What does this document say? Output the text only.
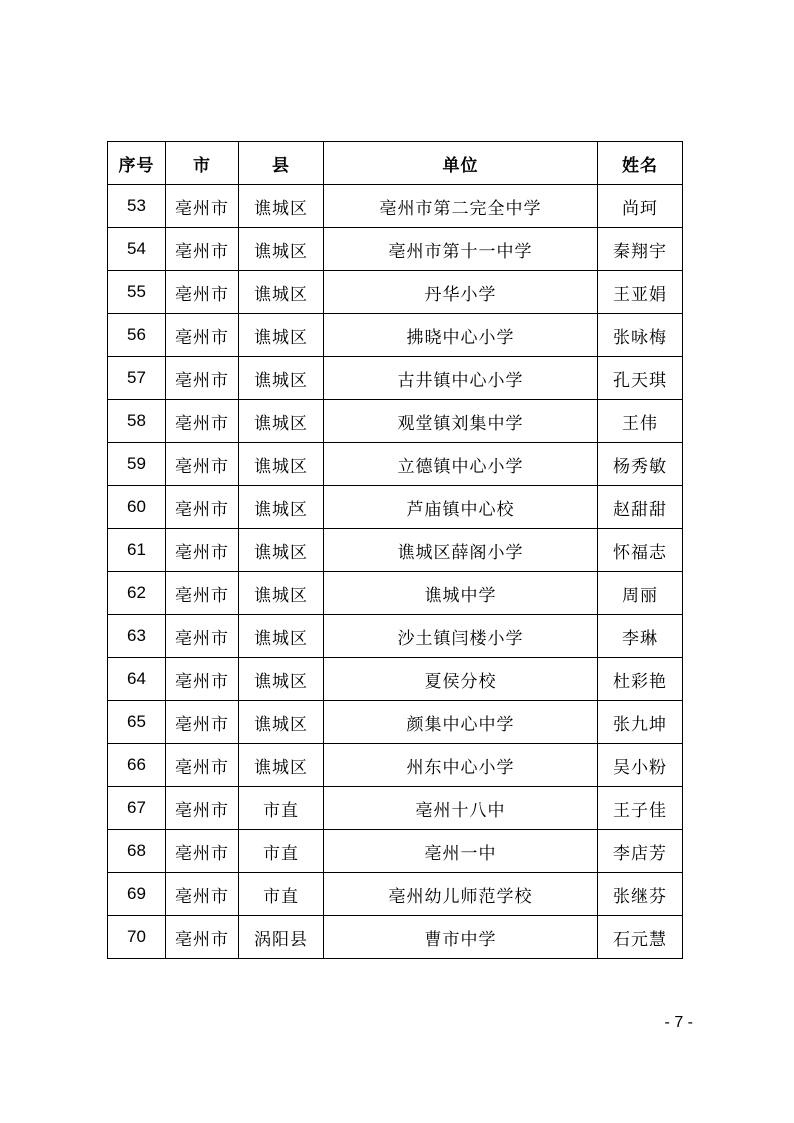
序号	市	县	单位	姓名
53	亳州市	谯城区	亳州市第二完全中学	尚珂
54	亳州市	谯城区	亳州市第十一中学	秦翔宇
55	亳州市	谯城区	丹华小学	王亚娟
56	亳州市	谯城区	拂晓中心小学	张咏梅
57	亳州市	谯城区	古井镇中心小学	孔天琪
58	亳州市	谯城区	观堂镇刘集中学	王伟
59	亳州市	谯城区	立德镇中心小学	杨秀敏
60	亳州市	谯城区	芦庙镇中心校	赵甜甜
61	亳州市	谯城区	谯城区薛阁小学	怀福志
62	亳州市	谯城区	谯城中学	周丽
63	亳州市	谯城区	沙土镇闫楼小学	李琳
64	亳州市	谯城区	夏侯分校	杜彩艳
65	亳州市	谯城区	颜集中心中学	张九坤
66	亳州市	谯城区	州东中心小学	吴小粉
67	亳州市	市直	亳州十八中	王子佳
68	亳州市	市直	亳州一中	李店芳
69	亳州市	市直	亳州幼儿师范学校	张继芬
70	亳州市	涡阳县	曹市中学	石元慧
- 7 -
